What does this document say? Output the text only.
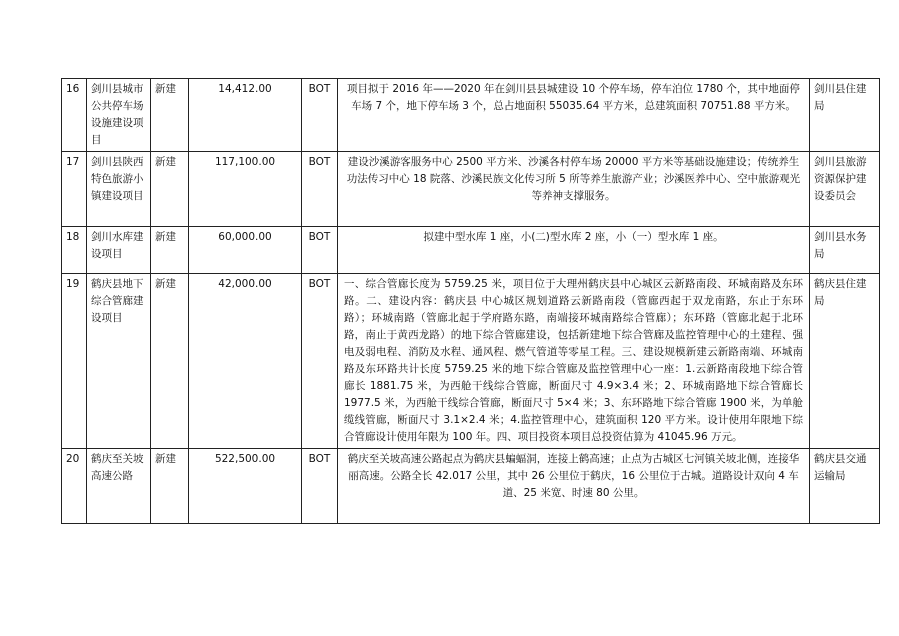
16	剑川县城市公共停车场设施建设项目	新建	14,412.00	BOT	项目拟于 2016 年——2020 年在剑川县县城建设 10 个停车场，停车泊位 1780 个，其中地面停车场 7 个，地下停车场 3 个，总占地面积 55035.64 平方米，总建筑面积 70751.88 平方米。	剑川县住建局
17	剑川县陕西特色旅游小镇建设项目	新建	117,100.00	BOT	建设沙溪游客服务中心 2500 平方米、沙溪各村停车场 20000 平方米等基础设施建设；传统养生功法传习中心 18 院落、沙溪民族文化传习所 5 所等养生旅游产业；沙溪医养中心、空中旅游观光等养神支撑服务。	剑川县旅游资源保护建设委员会
18	剑川水库建设项目	新建	60,000.00	BOT	拟建中型水库 1 座，小(二)型水库 2 座，小（一）型水库 1 座。	剑川县水务局
19	鹤庆县地下综合管廊建设项目	新建	42,000.00	BOT	一、综合管廊长度为 5759.25 米，项目位于大理州鹤庆县中心城区云新路南段、环城南路及东环路。二、建设内容：鹤庆县 中心城区规划道路云新路南段（管廊西起于双龙南路，东止于东环路）；环城南路（管廊北起于学府路东路，南端接环城南路综合管廊）；东环路（管廊北起于北环路，南止于黄西龙路）的地下综合管廊建设，包括新建地下综合管廊及监控管理中心的土建程、强电及弱电程、消防及水程、通风程、燃气管道等零星工程。三、建设规模新建云新路南端、环城南路及东环路共计长度 5759.25 米的地下综合管廊及监控管理中心一座：1.云新路南段地下综合管廊长 1881.75 米，为西舱干线综合管廊，断面尺寸 4.9×3.4 米；2、环城南路地下综合管廊长 1977.5 米，为西舱干线综合管廊，断面尺寸 5×4 米；3、东环路地下综合管廊 1900 米，为单舱缆线管廊，断面尺寸 3.1×2.4 米；4.监控管理中心，建筑面积 120 平方米。设计使用年限地下综合管廊设计使用年限为 100 年。四、项目投资本项目总投资估算为 41045.96 万元。	鹤庆县住建局
20	鹤庆至关坡高速公路	新建	522,500.00	BOT	鹤庆至关坡高速公路起点为鹤庆县蝙蝠洞，连接上鹤高速；止点为古城区七河镇关坡北侧，连接华丽高速。公路全长 42.017 公里，其中 26 公里位于鹤庆，16 公里位于古城。道路设计双向 4 车道、25 米宽、时速 80 公里。	鹤庆县交通运输局
